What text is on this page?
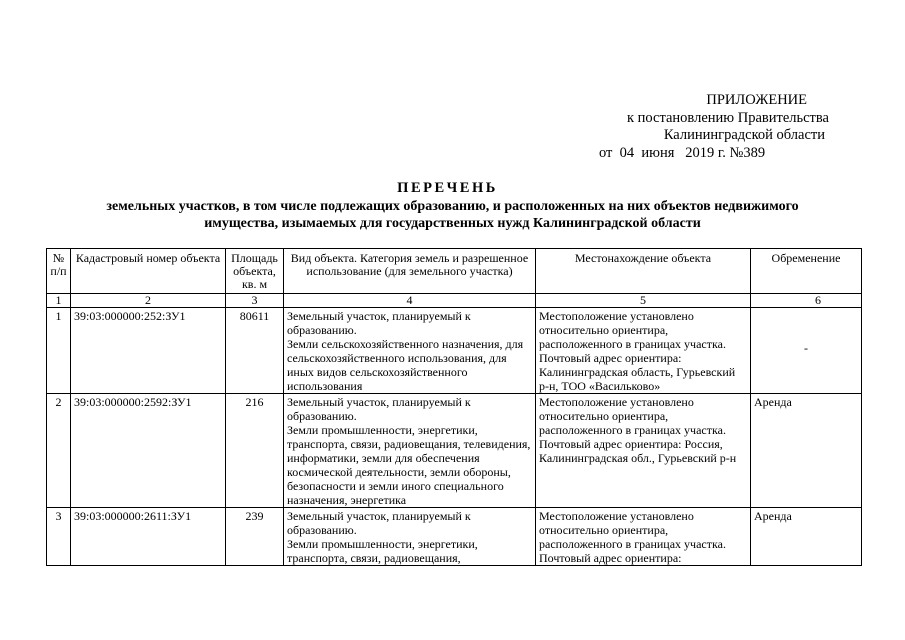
ПРИЛОЖЕНИЕ
к постановлению Правительства
Калининградской области
от  04  июня   2019 г. №389
ПЕРЕЧЕНЬ
земельных участков, в том числе подлежащих образованию, и расположенных на них объектов недвижимого
имущества, изымаемых для государственных нужд Калининградской области
№ п/п	Кадастровый номер объекта	Площадь объекта, кв. м	Вид объекта. Категория земель и разрешенное использование (для земельного участка)	Местонахождение объекта	Обременение
1	2	3	4	5	6
1	39:03:000000:252:ЗУ1	80611	Земельный участок, планируемый к образованию.
Земли сельскохозяйственного назначения, для сельскохозяйственного использования, для иных видов сельскохозяйственного использования	Местоположение установлено относительно ориентира, расположенного в границах участка. Почтовый адрес ориентира: Калининградская область, Гурьевский р-н, ТОО «Васильково»	-

2	39:03:000000:2592:ЗУ1	216	Земельный участок, планируемый к образованию.
Земли промышленности, энергетики, транспорта, связи, радиовещания, телевидения, информатики, земли для обеспечения космической деятельности, земли обороны, безопасности и земли иного специального назначения, энергетика	Местоположение установлено относительно ориентира, расположенного в границах участка. Почтовый адрес ориентира: Россия, Калининградская обл., Гурьевский р-н	Аренда
3	39:03:000000:2611:ЗУ1	239	Земельный участок, планируемый к образованию.
Земли промышленности, энергетики, транспорта, связи, радиовещания,	Местоположение установлено относительно ориентира, расположенного в границах участка. Почтовый адрес ориентира:	Аренда
